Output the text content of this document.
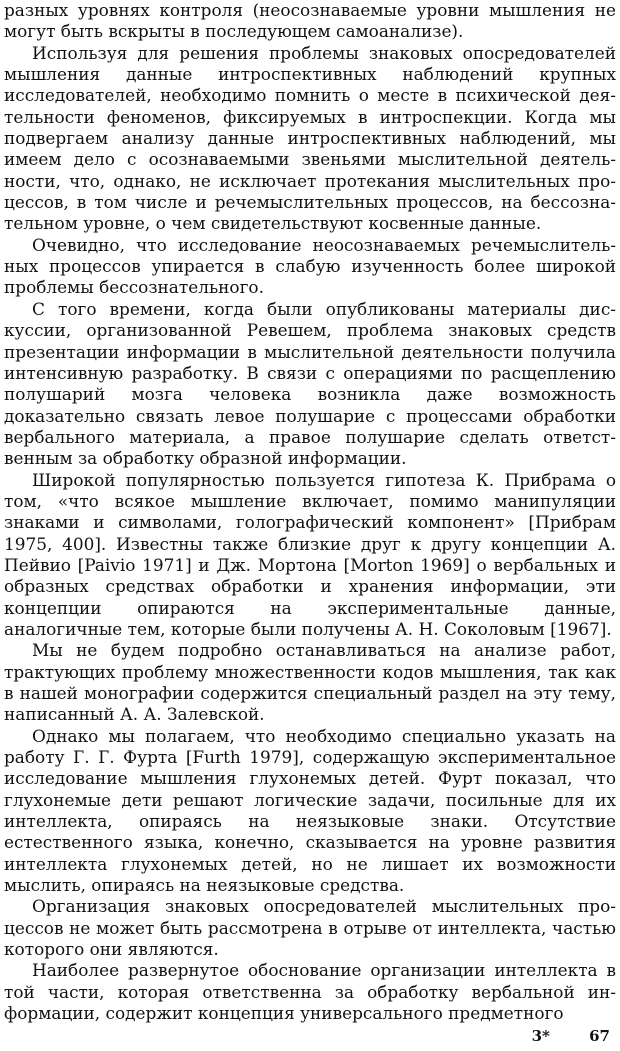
разных уровнях контроля (неосознаваемые уровни мышления не могут быть вскрыты в последующем самоанализе).

Используя для решения проблемы знаковых опосредователей мышления данные интроспективных наблюдений крупных исследователей, необходимо помнить о месте в психической деятельности феноменов, фиксируемых в интроспекции. Когда мы подвергаем анализу данные интроспективных наблюдений, мы имеем дело с осознаваемыми звеньями мыслительной деятельности, что, однако, не исключает протекания мыслительных процессов, в том числе и речемыслительных процессов, на бессознательном уровне, о чем свидетельствуют косвенные данные.

Очевидно, что исследование неосознаваемых речемыслительных процессов упирается в слабую изученность более широкой проблемы бессознательного.

С того времени, когда были опубликованы материалы дискуссии, организованной Ревешем, проблема знаковых средств презентации информации в мыслительной деятельности получила интенсивную разработку. В связи с операциями по расщеплению полушарий мозга человека возникла даже возможность доказательно связать левое полушарие с процессами обработки вербального материала, а правое полушарие сделать ответственным за обработку образной информации.

Широкой популярностью пользуется гипотеза К. Прибрама о том, «что всякое мышление включает, помимо манипуляции знаками и символами, голографический компонент» [Прибрам 1975, 400]. Известны также близкие друг к другу концепции А. Пейвио [Paivio 1971] и Дж. Мортона [Morton 1969] о вербальных и образных средствах обработки и хранения информации, эти концепции опираются на экспериментальные данные, аналогичные тем, которые были получены А. Н. Соколовым [1967].

Мы не будем подробно останавливаться на анализе работ, трактующих проблему множественности кодов мышления, так как в нашей монографии содержится специальный раздел на эту тему, написанный А. А. Залевской.

Однако мы полагаем, что необходимо специально указать на работу Г. Г. Фурта [Furth 1979], содержащую экспериментальное исследование мышления глухонемых детей. Фурт показал, что глухонемые дети решают логические задачи, посильные для их интеллекта, опираясь на неязыковые знаки. Отсутствие естественного языка, конечно, сказывается на уровне развития интеллекта глухонемых детей, но не лишает их возможности мыслить, опираясь на неязыковые средства.

Организация знаковых опосредователей мыслительных процессов не может быть рассмотрена в отрыве от интеллекта, частью которого они являются.

Наиболее развернутое обоснование организации интеллекта в той части, которая ответственна за обработку вербальной информации, содержит концепция универсального предметного

3*	67
